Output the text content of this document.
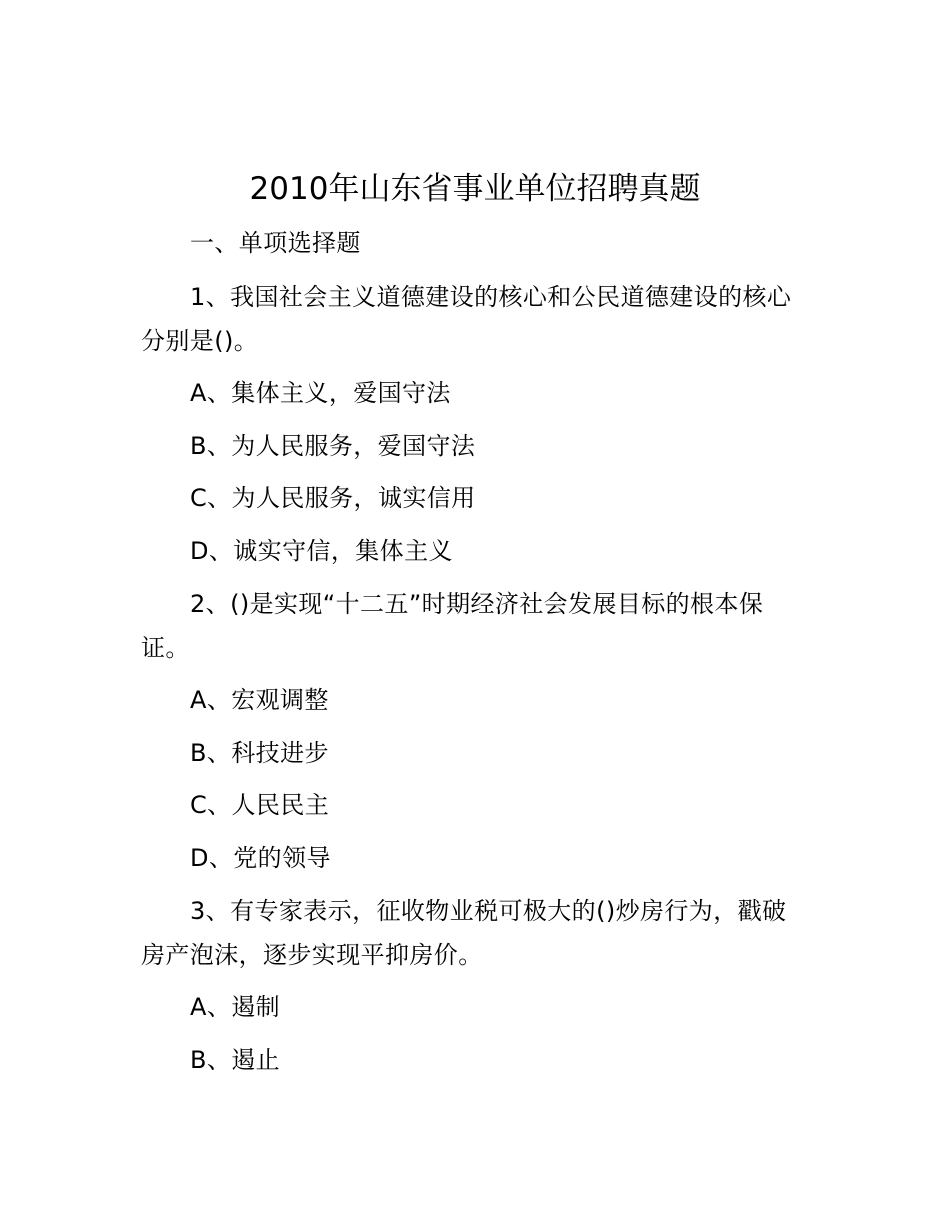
2010年山东省事业单位招聘真题
一、单项选择题
1、我国社会主义道德建设的核心和公民道德建设的核心
分别是()。
A、集体主义，爱国守法
B、为人民服务，爱国守法
C、为人民服务，诚实信用
D、诚实守信，集体主义
2、()是实现“十二五”时期经济社会发展目标的根本保
证。
A、宏观调整
B、科技进步
C、人民民主
D、党的领导
3、有专家表示，征收物业税可极大的()炒房行为，戳破
房产泡沫，逐步实现平抑房价。
A、遏制
B、遏止
